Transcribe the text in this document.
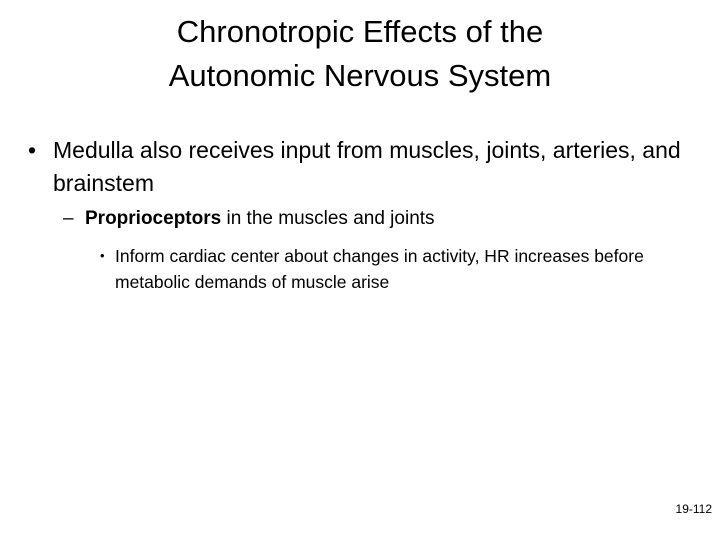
Chronotropic Effects of the
Autonomic Nervous System
• Medulla also receives input from muscles, joints, arteries, and brainstem
– Proprioceptors in the muscles and joints
• Inform cardiac center about changes in activity, HR increases before metabolic demands of muscle arise
19-112
